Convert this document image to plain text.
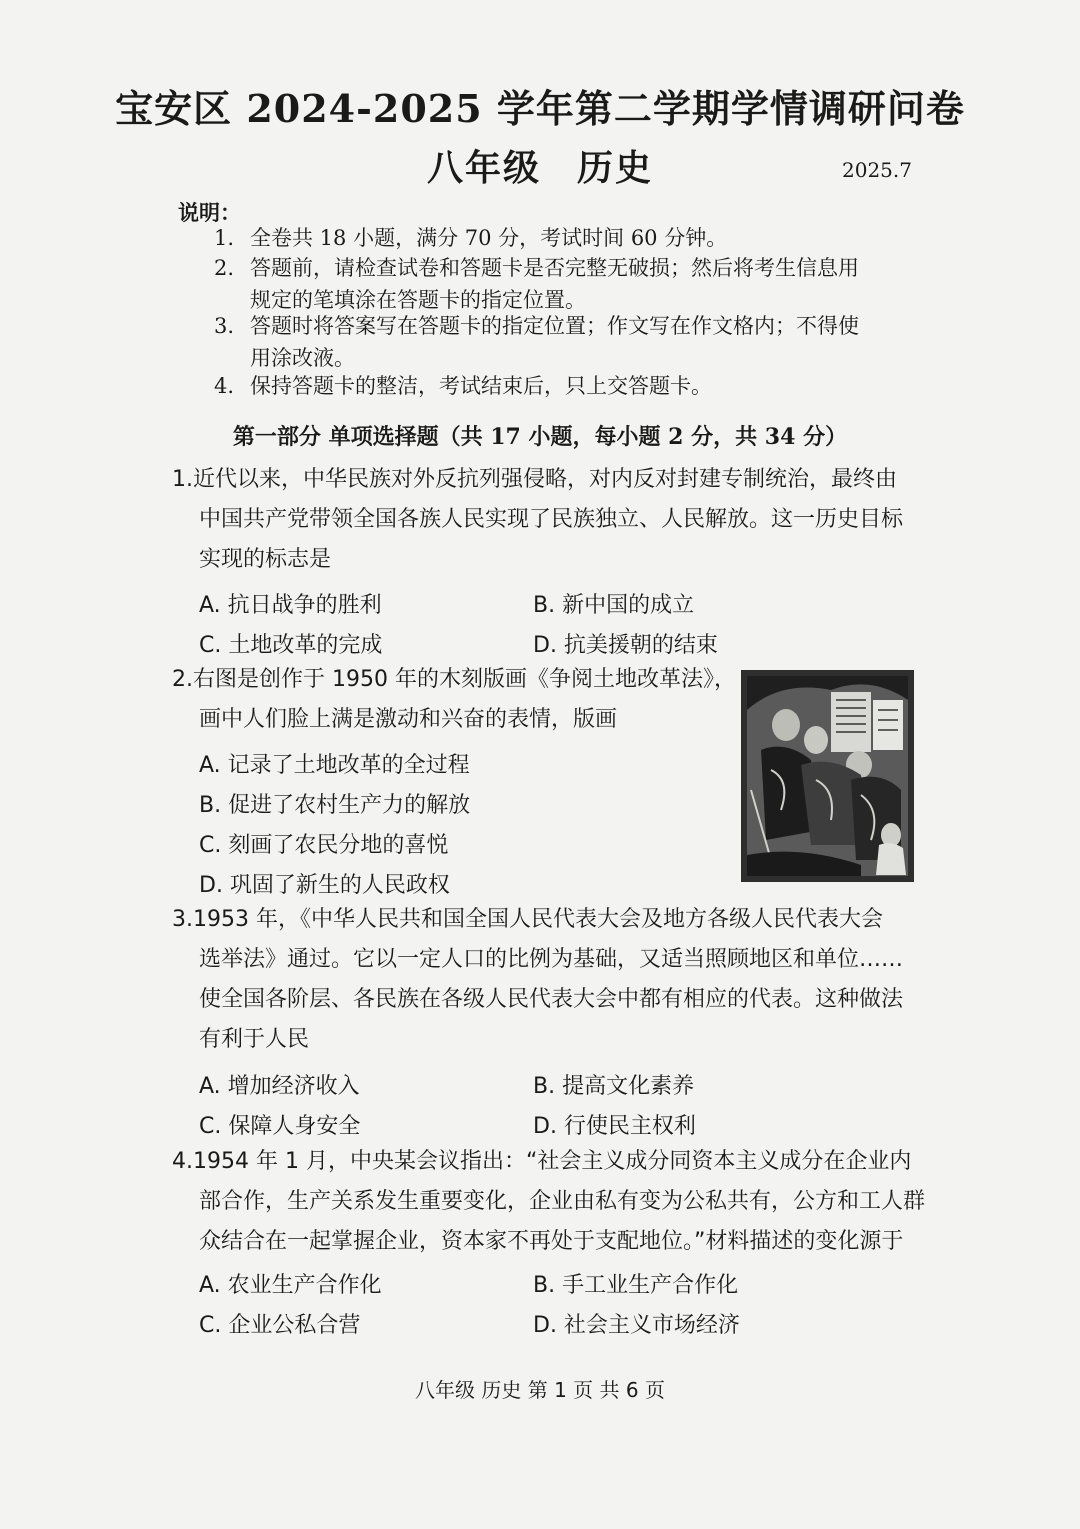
宝安区 2024-2025 学年第二学期学情调研问卷
八年级 历史	2025.7
说明：
1. 全卷共 18 小题，满分 70 分，考试时间 60 分钟。
2. 答题前，请检查试卷和答题卡是否完整无破损；然后将考生信息用
规定的笔填涂在答题卡的指定位置。
3. 答题时将答案写在答题卡的指定位置；作文写在作文格内；不得使
用涂改液。
4. 保持答题卡的整洁，考试结束后，只上交答题卡。
第一部分 单项选择题（共 17 小题，每小题 2 分，共 34 分）
1.近代以来，中华民族对外反抗列强侵略，对内反对封建专制统治，最终由
中国共产党带领全国各族人民实现了民族独立、人民解放。这一历史目标
实现的标志是
A. 抗日战争的胜利	B. 新中国的成立
C. 土地改革的完成	D. 抗美援朝的结束
2.右图是创作于 1950 年的木刻版画《争阅土地改革法》，
画中人们脸上满是激动和兴奋的表情，版画
A. 记录了土地改革的全过程
B. 促进了农村生产力的解放
C. 刻画了农民分地的喜悦
D. 巩固了新生的人民政权
3.1953 年，《中华人民共和国全国人民代表大会及地方各级人民代表大会
选举法》通过。它以一定人口的比例为基础，又适当照顾地区和单位……
使全国各阶层、各民族在各级人民代表大会中都有相应的代表。这种做法
有利于人民
A. 增加经济收入	B. 提高文化素养
C. 保障人身安全	D. 行使民主权利
4.1954 年 1 月，中央某会议指出：“社会主义成分同资本主义成分在企业内
部合作，生产关系发生重要变化，企业由私有变为公私共有，公方和工人群
众结合在一起掌握企业，资本家不再处于支配地位。”材料描述的变化源于
A. 农业生产合作化	B. 手工业生产合作化
C. 企业公私合营	D. 社会主义市场经济
八年级 历史 第 1 页 共 6 页
